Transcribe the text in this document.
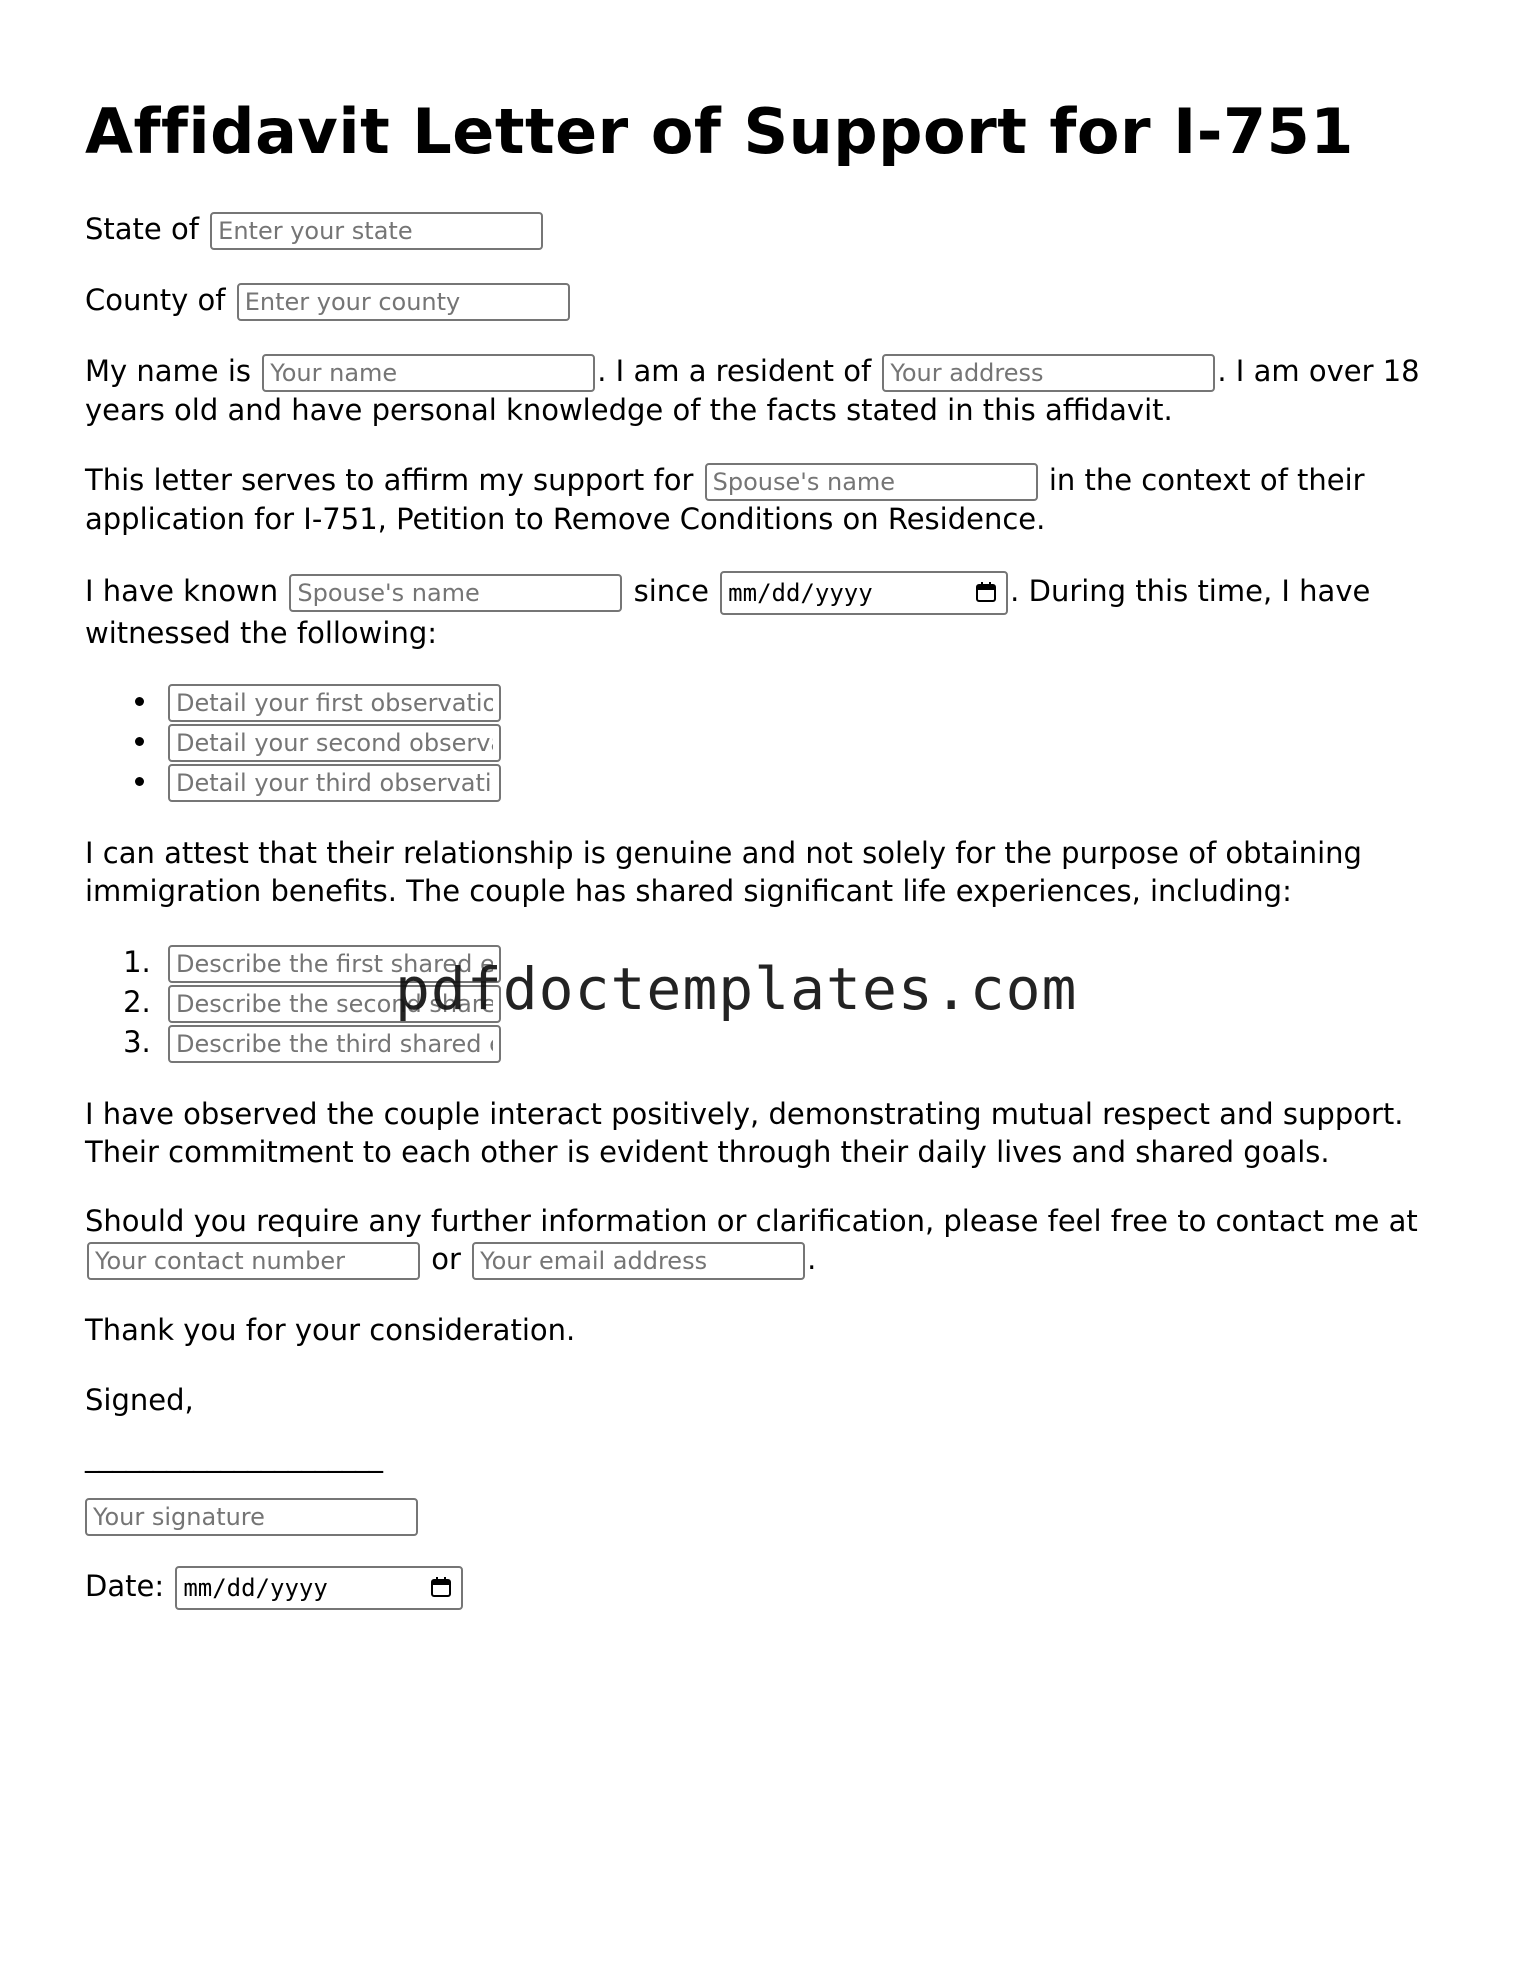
Affidavit Letter of Support for I-751

State of Enter your state

County of Enter your county

My name is Your name	. I am a resident of Your address	. I am over 18 years old and have personal knowledge of the facts stated in this affidavit.

This letter serves to affirm my support for Spouse's name	in the context of their application for I-751, Petition to Remove Conditions on Residence.

I have known Spouse's name	since mm/dd/yyyy	. During this time, I have witnessed the following:

• Detail your first observation
• Detail your second observation
• Detail your third observation

I can attest that their relationship is genuine and not solely for the purpose of obtaining immigration benefits. The couple has shared significant life experiences, including:

1. Describe the first shared experience
2. Describe the second shared experience
3. Describe the third shared experience

I have observed the couple interact positively, demonstrating mutual respect and support. Their commitment to each other is evident through their daily lives and shared goals.

Should you require any further information or clarification, please feel free to contact me at Your contact number or Your email address	.

Thank you for your consideration.

Signed,

______________________

Your signature

Date: mm/dd/yyyy

pdfdoctemplates.com
